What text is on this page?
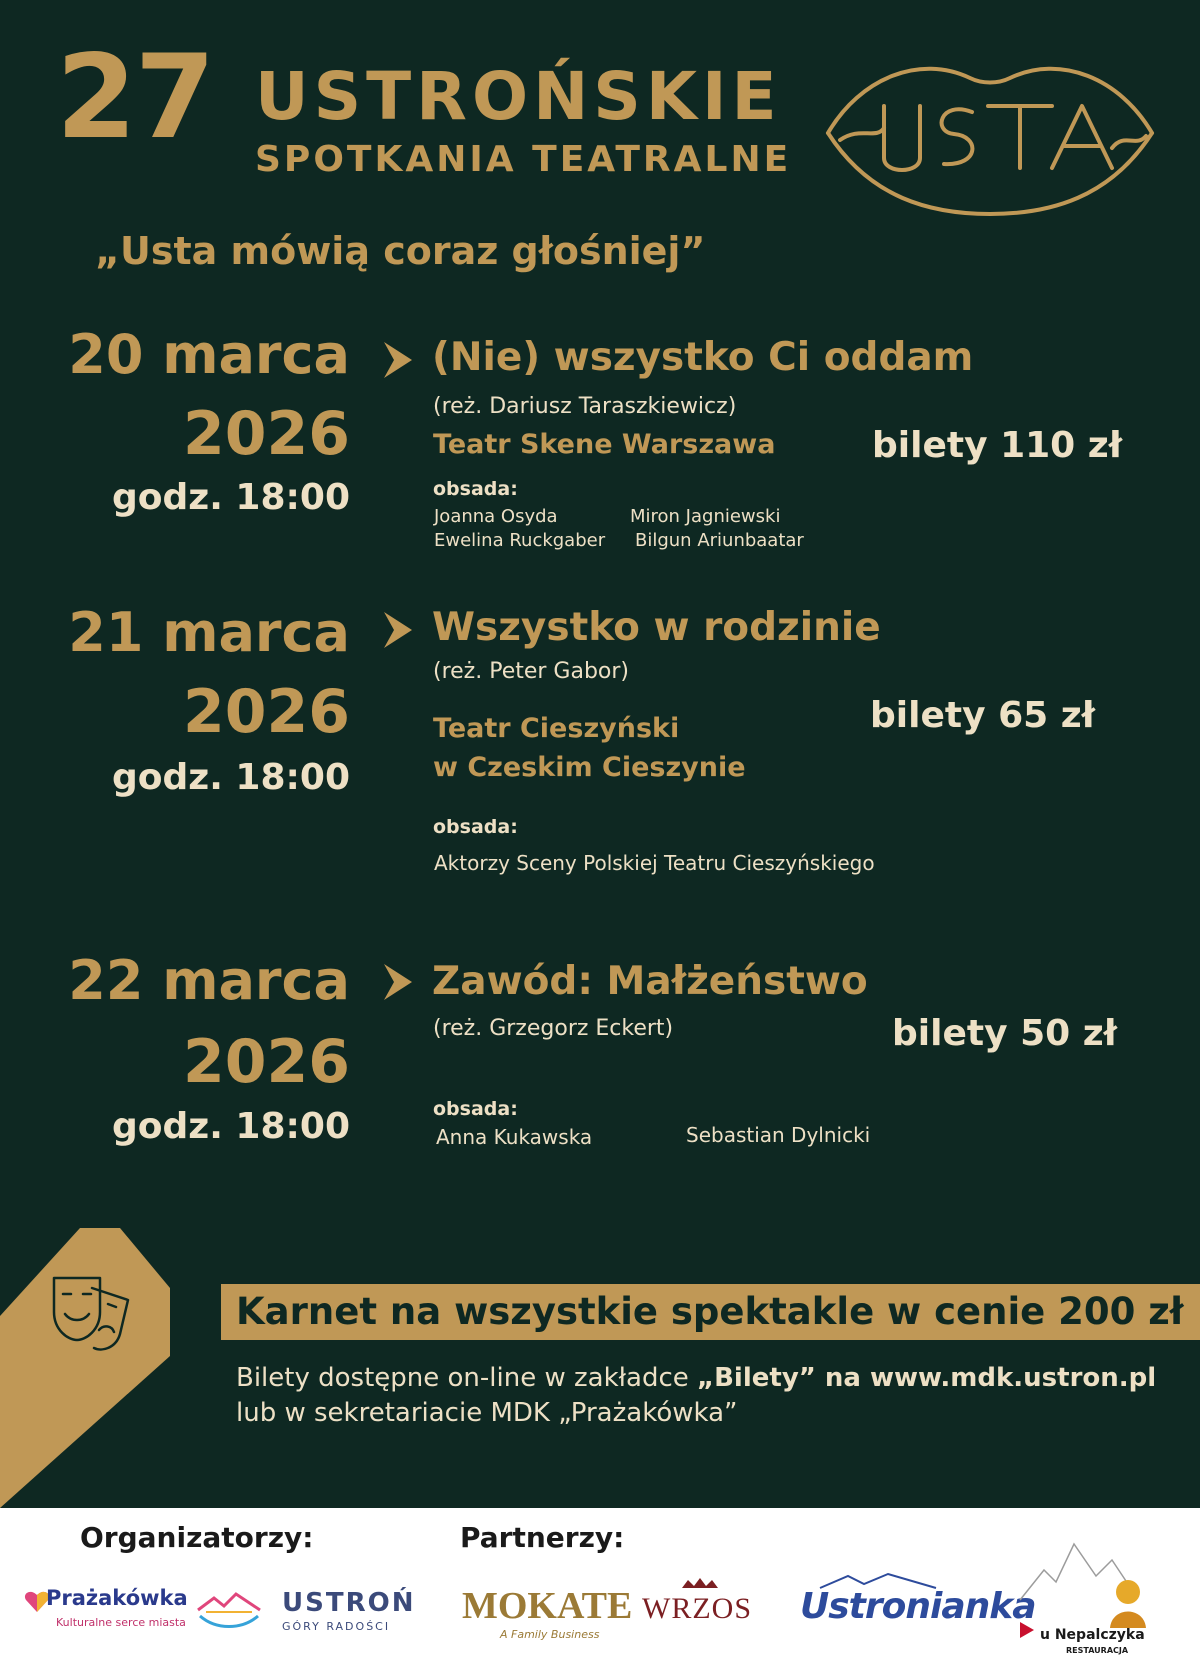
27 USTROŃSKIE
SPOTKANIA TEATRALNE
„Usta mówią coraz głośniej”
20 marca
2026
godz. 18:00
(Nie) wszystko Ci oddam
(reż. Dariusz Taraszkiewicz)
Teatr Skene Warszawa	bilety 110 zł
obsada:
Joanna Osyda	Miron Jagniewski
Ewelina Ruckgaber Bilgun Ariunbaatar
21 marca
2026
godz. 18:00
Wszystko w rodzinie
(reż. Peter Gabor)
Teatr Cieszyński
w Czeskim Cieszynie
bilety 65 zł
obsada:
Aktorzy Sceny Polskiej Teatru Cieszyńskiego
22 marca
2026
godz. 18:00
Zawód: Małżeństwo
(reż. Grzegorz Eckert)	bilety 50 zł
obsada:
Anna Kukawska	Sebastian Dylnicki
Karnet na wszystkie spektakle w cenie 200 zł
Bilety dostępne on-line w zakładce „Bilety” na www.mdk.ustron.pl
lub w sekretariacie MDK „Prażakówka”
Organizatorzy:	Partnerzy:
Prażakówka
Kulturalne serce miasta
USTROŃ
GÓRY RADOŚCI MOKATE
A Family Business
WRZOS Ustronianka
u Nepalczyka
RESTAURACJA
